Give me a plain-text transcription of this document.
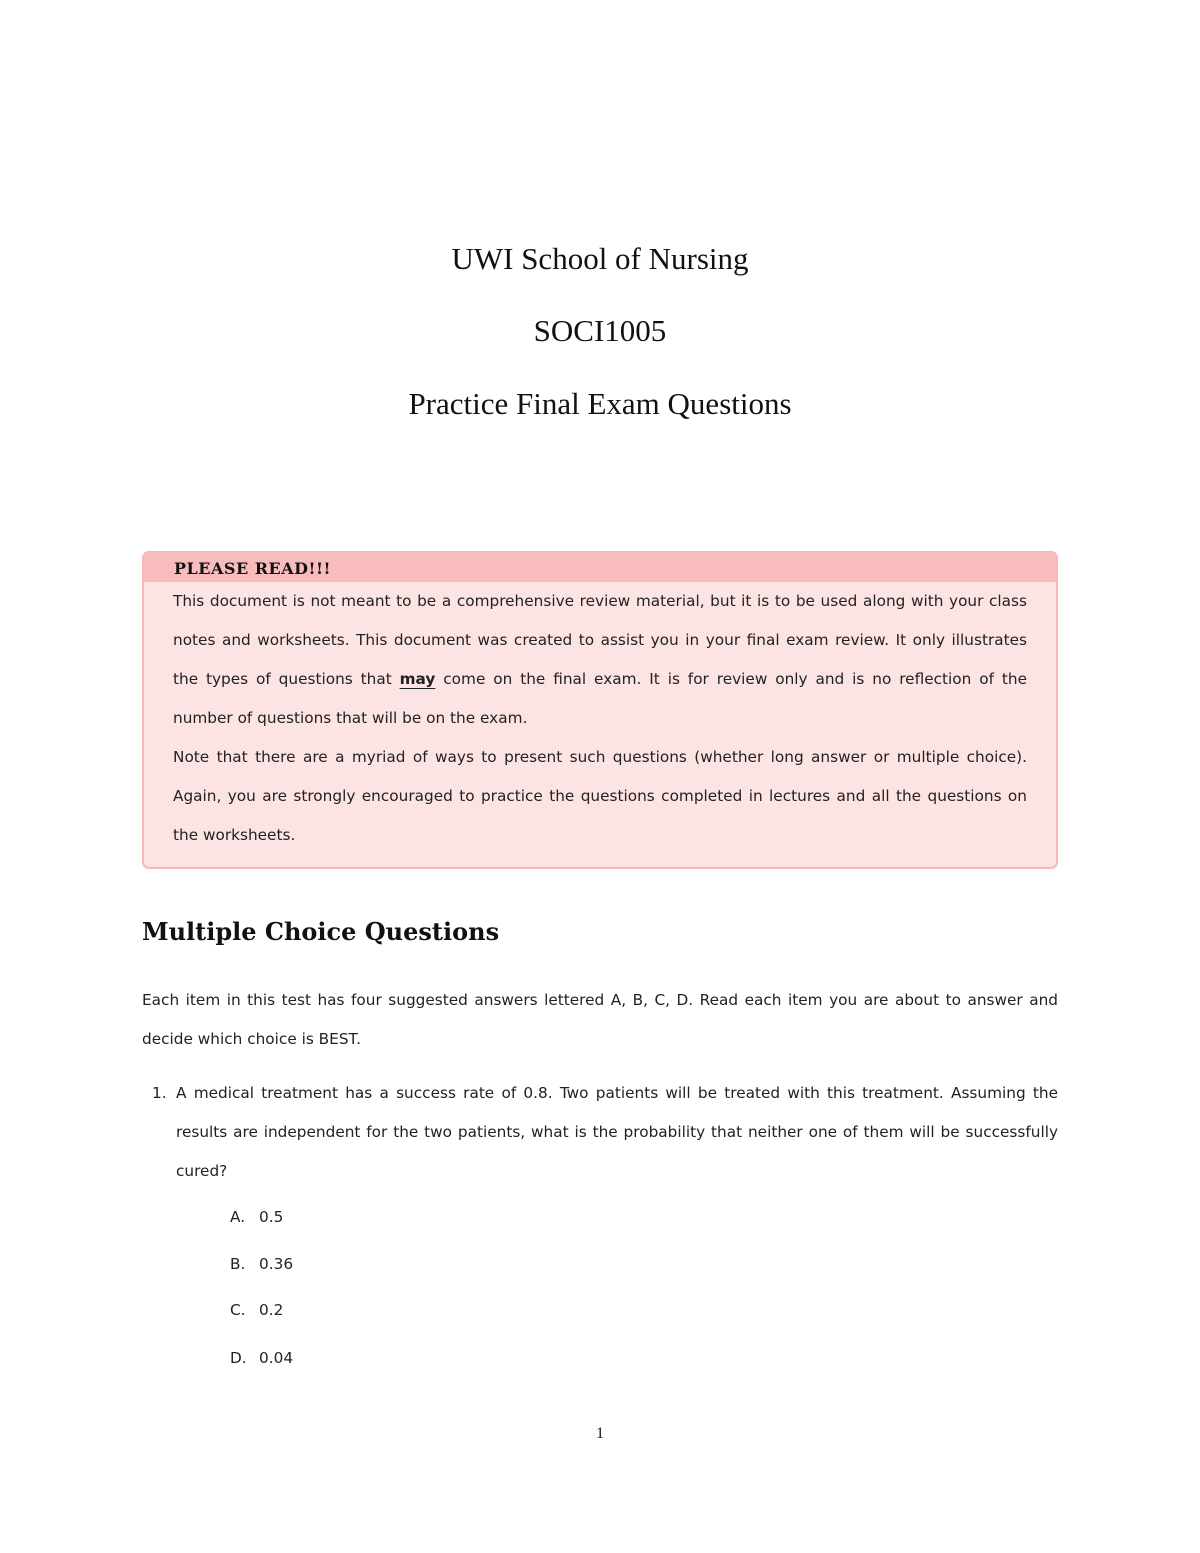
UWI School of Nursing
SOCI1005
Practice Final Exam Questions
PLEASE READ!!!

This document is not meant to be a comprehensive review material, but it is to be used along with your class notes and worksheets. This document was created to assist you in your final exam review. It only illustrates the types of questions that may come on the final exam. It is for review only and is no reflection of the number of questions that will be on the exam.

Note that there are a myriad of ways to present such questions (whether long answer or multiple choice). Again, you are strongly encouraged to practice the questions completed in lectures and all the questions on the worksheets.

Multiple Choice Questions
Each item in this test has four suggested answers lettered A, B, C, D. Read each item you are about to answer and decide which choice is BEST.
1. A medical treatment has a success rate of 0.8. Two patients will be treated with this treatment. Assuming the results are independent for the two patients, what is the probability that neither one of them will be successfully cured?
A. 0.5
B. 0.36
C. 0.2
D. 0.04
1
